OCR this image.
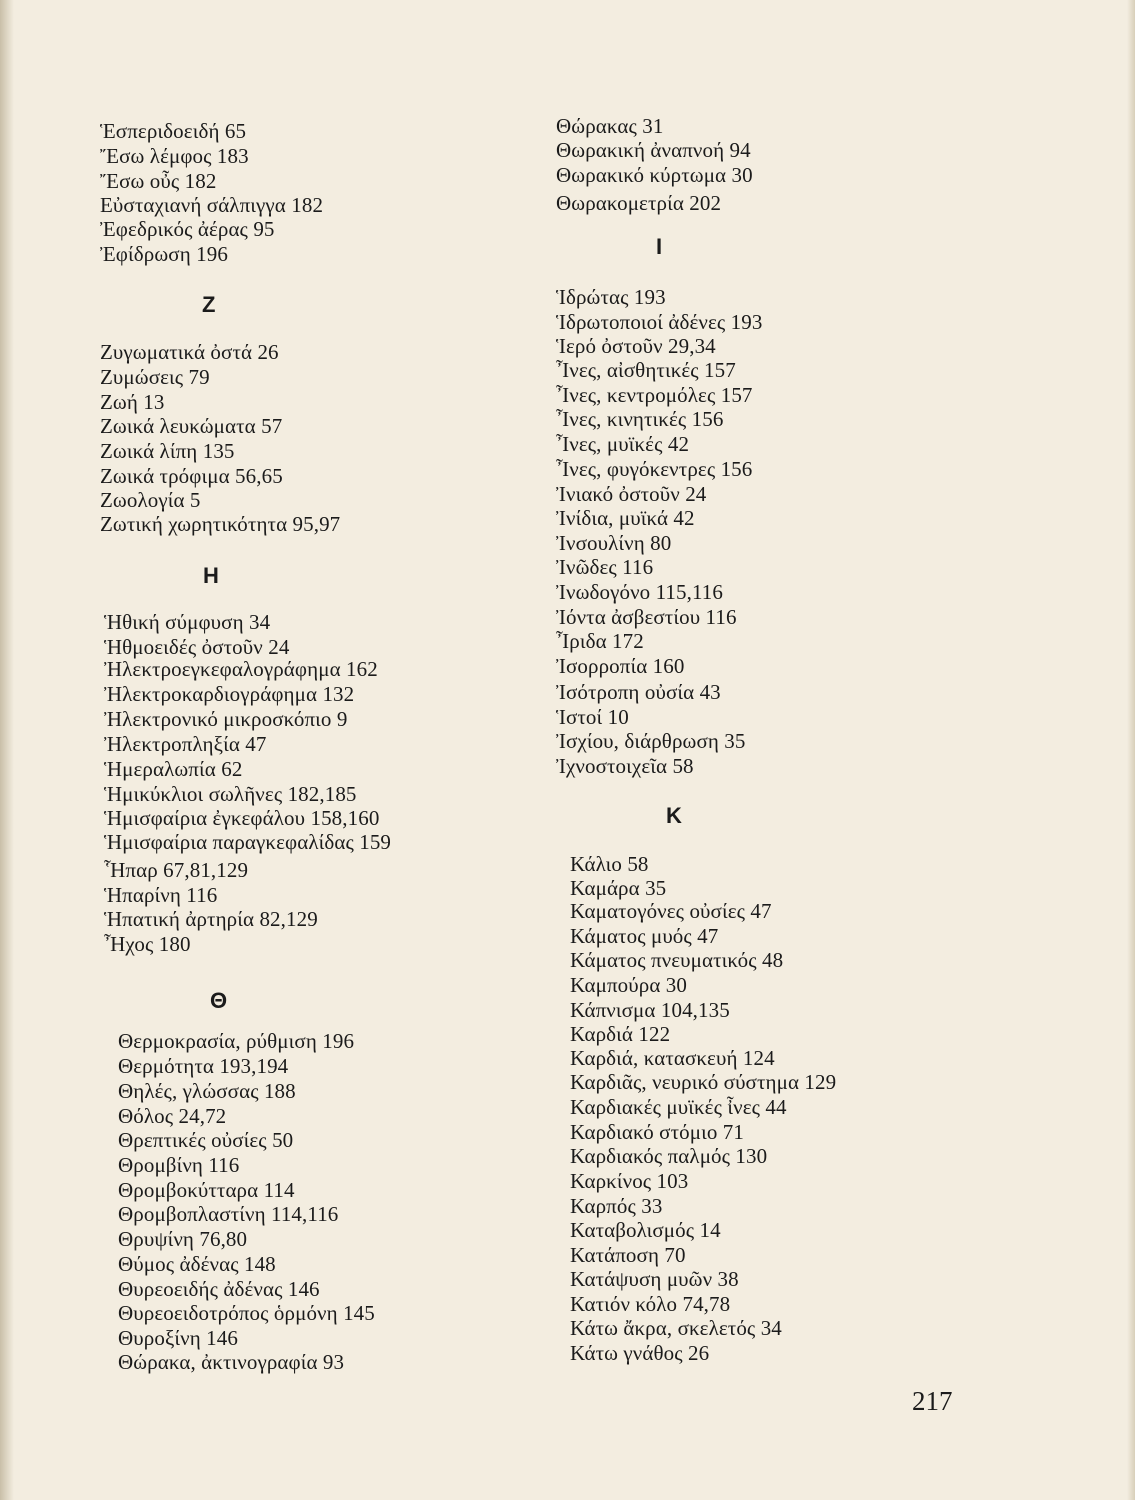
Ἑσπεριδοειδή 65
Ἔσω λέμφος 183
Ἔσω οὖς 182
Εὐσταχιανή σάλπιγγα 182
Ἐφεδρικός ἀέρας 95
Ἐφίδρωση 196
Ζ
Ζυγωματικά ὀστά 26
Ζυμώσεις 79
Ζωή 13
Ζωικά λευκώματα 57
Ζωικά λίπη 135
Ζωικά τρόφιμα 56,65
Ζωολογία 5
Ζωτική χωρητικότητα 95,97
Η
Ἡθική σύμφυση 34
Ἡθμοειδές ὀστοῦν 24
Ἠλεκτροεγκεφαλογράφημα 162
Ἠλεκτροκαρδιογράφημα 132
Ἠλεκτρονικό μικροσκόπιο 9
Ἠλεκτροπληξία 47
Ἡμεραλωπία 62
Ἡμικύκλιοι σωλῆνες 182,185
Ἡμισφαίρια ἐγκεφάλου 158,160
Ἡμισφαίρια παραγκεφαλίδας 159
Ἧπαρ 67,81,129
Ἡπαρίνη 116
Ἡπατική ἀρτηρία 82,129
Ἦχος 180
Θ
Θερμοκρασία, ρύθμιση 196
Θερμότητα 193,194
Θηλές, γλώσσας 188
Θόλος 24,72
Θρεπτικές οὐσίες 50
Θρομβίνη 116
Θρομβοκύτταρα 114
Θρομβοπλαστίνη 114,116
Θρυψίνη 76,80
Θύμος ἀδένας 148
Θυρεοειδής ἀδένας 146
Θυρεοειδοτρόπος ὁρμόνη 145
Θυροξίνη 146
Θώρακα, ἀκτινογραφία 93
Θώρακας 31
Θωρακική ἀναπνοή 94
Θωρακικό κύρτωμα 30
Θωρακομετρία 202
Ι
Ἱδρώτας 193
Ἱδρωτοποιοί ἀδένες 193
Ἱερό ὀστοῦν 29,34
Ἶνες, αἰσθητικές 157
Ἶνες, κεντρομόλες 157
Ἶνες, κινητικές 156
Ἶνες, μυϊκές 42
Ἶνες, φυγόκεντρες 156
Ἰνιακό ὀστοῦν 24
Ἰνίδια, μυϊκά 42
Ἰνσουλίνη 80
Ἰνῶδες 116
Ἰνωδογόνο 115,116
Ἰόντα ἀσβεστίου 116
Ἶριδα 172
Ἰσορροπία 160
Ἰσότροπη οὐσία 43
Ἱστοί 10
Ἰσχίου, διάρθρωση 35
Ἰχνοστοιχεῖα 58
Κ
Κάλιο 58
Καμάρα 35
Καματογόνες οὐσίες 47
Κάματος μυός 47
Κάματος πνευματικός 48
Καμπούρα 30
Κάπνισμα 104,135
Καρδιά 122
Καρδιά, κατασκευή 124
Καρδιᾶς, νευρικό σύστημα 129
Καρδιακές μυϊκές ἶνες 44
Καρδιακό στόμιο 71
Καρδιακός παλμός 130
Καρκίνος 103
Καρπός 33
Καταβολισμός 14
Κατάποση 70
Κατάψυση μυῶν 38
Κατιόν κόλο 74,78
Κάτω ἄκρα, σκελετός 34
Κάτω γνάθος 26
217
